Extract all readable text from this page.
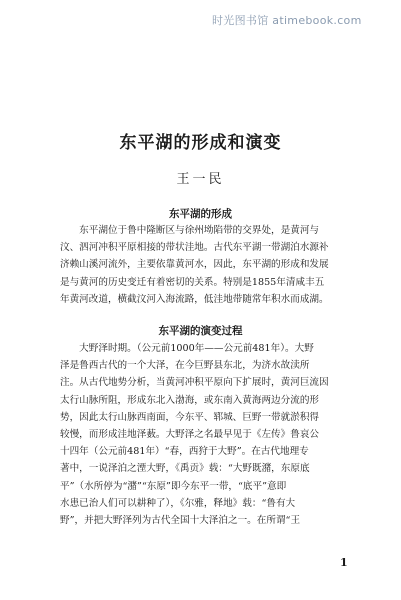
时光图书馆 atimebook.com
东平湖的形成和演变
王一民
东平湖的形成

　　东平湖位于鲁中隆断区与徐州坳陷带的交界处，是黄河与

汶、泗河冲积平原相接的带状洼地。古代东平湖一带湖泊水源补

济赖山溪河流外，主要依靠黄河水，因此，东平湖的形成和发展

是与黄河的历史变迁有着密切的关系。特别是1855年清咸丰五

年黄河改道，横截汶河入海流路，低洼地带随常年积水而成湖。

东平湖的演变过程

　　大野泽时期。（公元前1000年——公元前481年）。大野

泽是鲁西古代的一个大泽，在今巨野县东北，为济水故渎所

注。从古代地势分析，当黄河冲积平原向下扩展时，黄河巨流因

太行山脉所阻，形成东北入渤海，或东南入黄海两边分流的形

势，因此太行山脉西南面，今东平、郓城、巨野一带就淤积得

较慢，而形成洼地泽薮。大野泽之名最早见于《左传》鲁哀公

十四年（公元前481年）“春，西狩于大野”。在古代地理专

著中，一说泽泊之湮大野，《禹贡》载：“大野既潴，东原底

平”（水所停为“潴”“东原”即今东平一带，“底平”意即

水患已治人们可以耕种了），《尔雅，释地》载：“鲁有大

野”，并把大野泽列为古代全国十大泽泊之一。在所谓“王

1
